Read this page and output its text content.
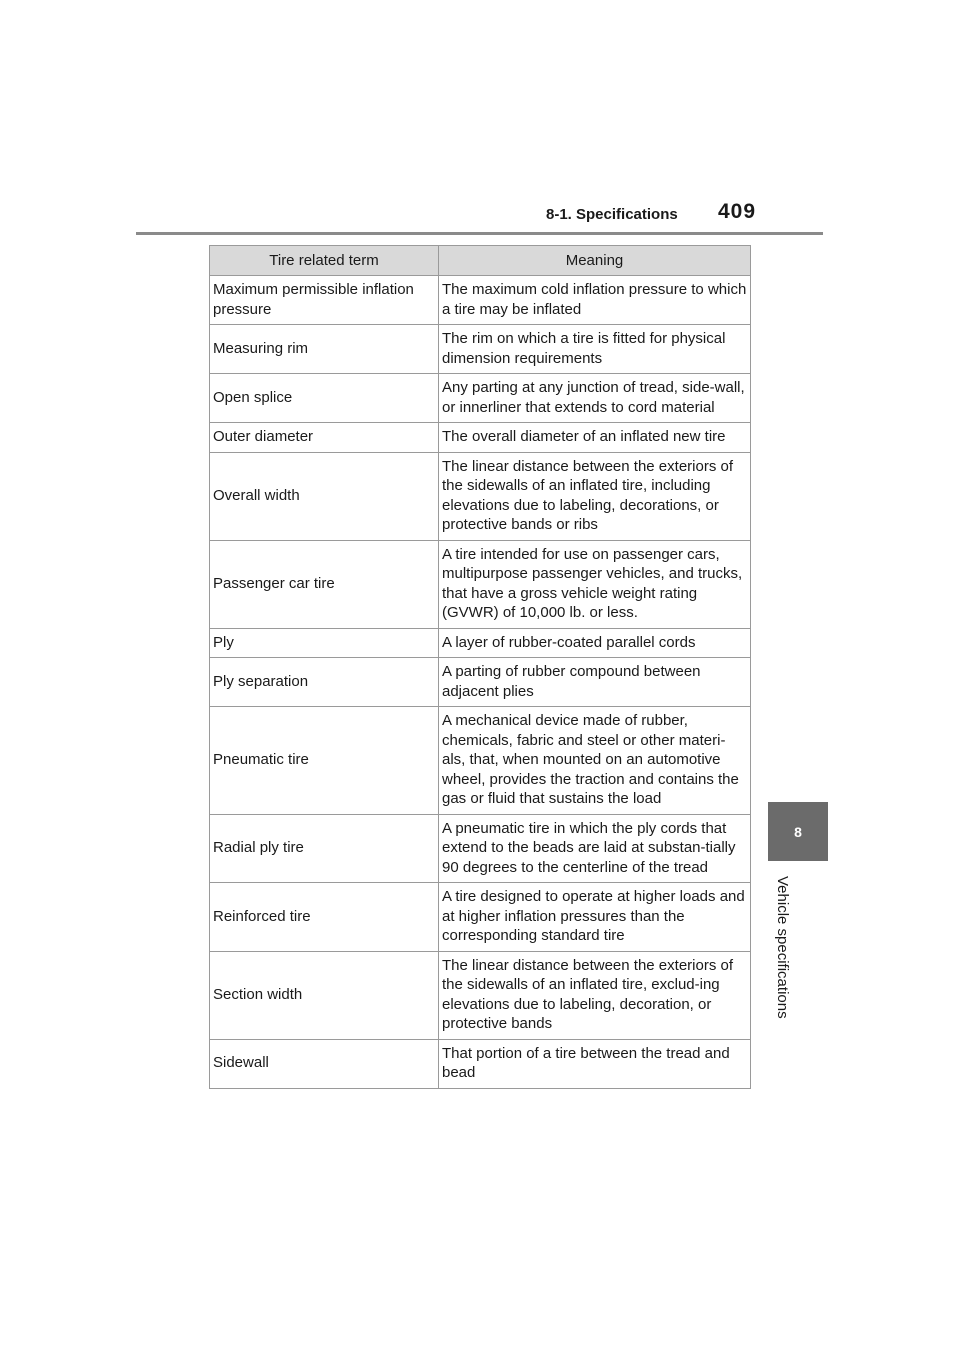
8-1. Specifications 409
8
Vehicle specifications
Tire related term	Meaning
Maximum permissible inflation pressure	The maximum cold inflation pressure to which a tire may be inflated
Measuring rim	The rim on which a tire is fitted for physical dimension requirements
Open splice	Any parting at any junction of tread, side-wall, or innerliner that extends to cord material
Outer diameter	The overall diameter of an inflated new tire
Overall width	The linear distance between the exteriors of the sidewalls of an inflated tire, including elevations due to labeling, decorations, or protective bands or ribs
Passenger car tire	A tire intended for use on passenger cars, multipurpose passenger vehicles, and trucks, that have a gross vehicle weight rating (GVWR) of 10,000 lb. or less.
Ply	A layer of rubber-coated parallel cords
Ply separation	A parting of rubber compound between adjacent plies
Pneumatic tire	A mechanical device made of rubber, chemicals, fabric and steel or other materi-als, that, when mounted on an automotive wheel, provides the traction and contains the gas or fluid that sustains the load
Radial ply tire	A pneumatic tire in which the ply cords that extend to the beads are laid at substan-tially 90 degrees to the centerline of the tread
Reinforced tire	A tire designed to operate at higher loads and at higher inflation pressures than the corresponding standard tire
Section width	The linear distance between the exteriors of the sidewalls of an inflated tire, exclud-ing elevations due to labeling, decoration, or protective bands
Sidewall	That portion of a tire between the tread and bead
